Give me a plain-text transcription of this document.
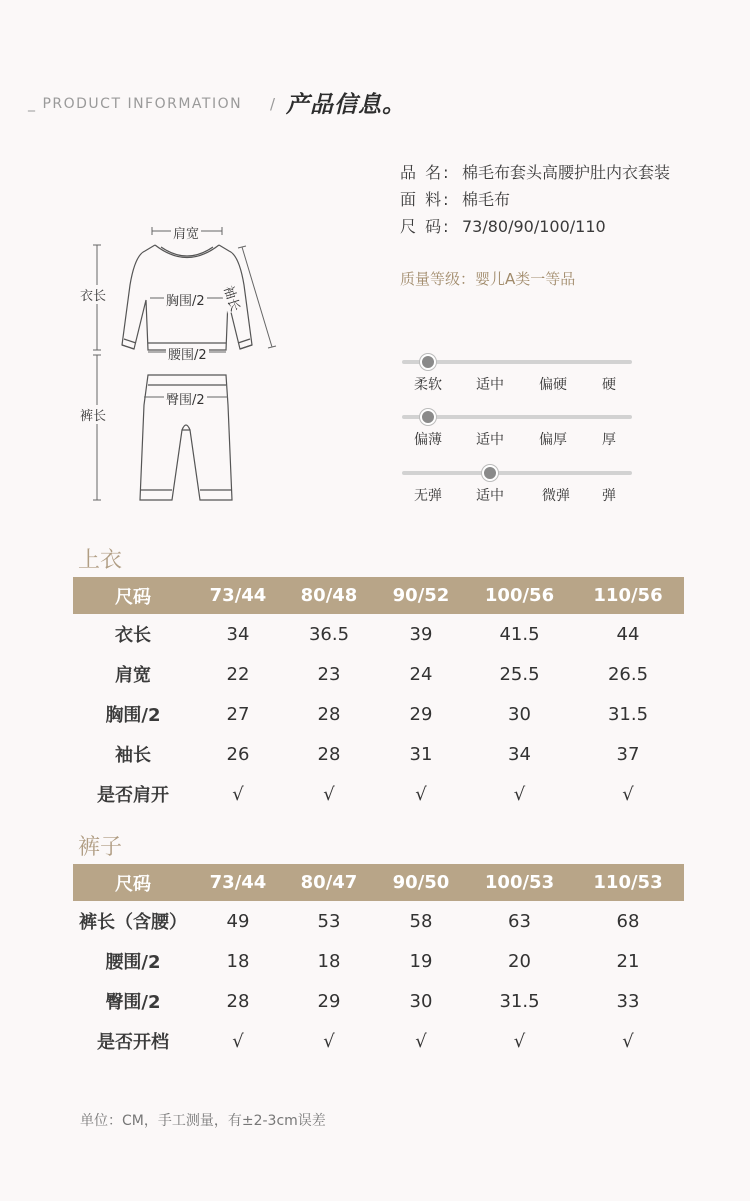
_ PRODUCT INFORMATION / 产品信息。
品 名: 棉毛布套头高腰护肚内衣套装
面 料: 棉毛布
尺 码: 73/80/90/100/110
质量等级：婴儿A类一等品
柔软 适中	偏硬	硬
偏薄 适中	偏厚	厚
无弹 适中	微弹 弹
肩宽
衣长	胸围/2 袖长
腰围/2
臀围/2
裤长
上衣
尺码	73/44	80/48	90/52	100/56	110/56
衣长	34	36.5	39	41.5	44
肩宽	22	23	24	25.5	26.5
胸围/2	27	28	29	30	31.5
袖长	26	28	31	34	37
是否肩开	√	√	√	√	√
裤子
尺码	73/44	80/47	90/50	100/53	110/53
裤长（含腰）	49	53	58	63	68
腰围/2	18	18	19	20	21
臀围/2	28	29	30	31.5	33
是否开档	√	√	√	√	√
单位：CM，手工测量，有±2-3cm误差
